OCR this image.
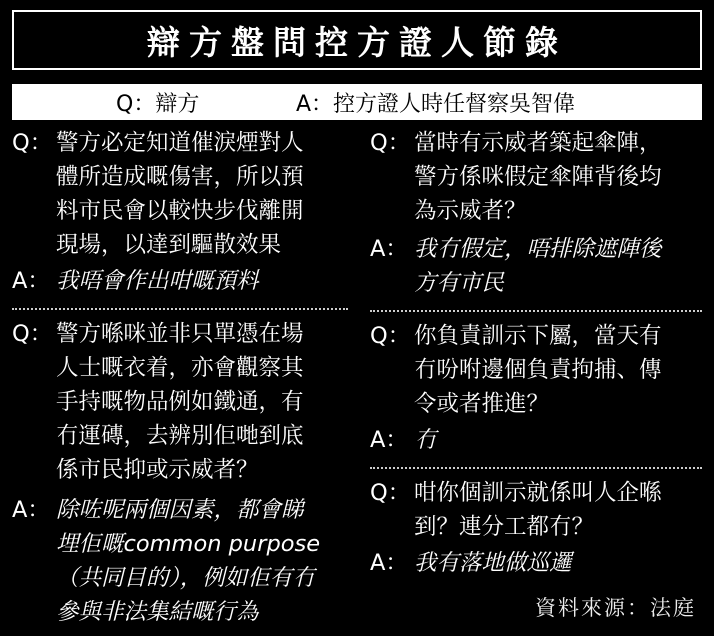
辯方盤問控方證人節錄
Q：辯方	A：控方證人時任督察吳智偉
Q： 警方必定知道催淚煙對人
體所造成嘅傷害，所以預
料市民會以較快步伐離開
現場，以達到驅散效果
A： 我唔會作出咁嘅預料
Q： 警方喺咪並非只單憑在場
人士嘅衣着，亦會觀察其
手持嘅物品例如鐵通，有
冇運磚，去辨別佢哋到底
係市民抑或示威者？
A： 除咗呢兩個因素，都會睇
埋佢嘅common purpose
（共同目的），例如佢有冇
參與非法集結嘅行為
Q： 當時有示威者築起傘陣，
警方係咪假定傘陣背後均
為示威者？
A： 我冇假定，唔排除遮陣後
方有市民
Q： 你負責訓示下屬，當天有
冇吩咐邊個負責拘捕、傳
令或者推進？
A： 冇
Q： 咁你個訓示就係叫人企喺
到？連分工都冇？
A： 我有落地做巡邏
資料來源：法庭
